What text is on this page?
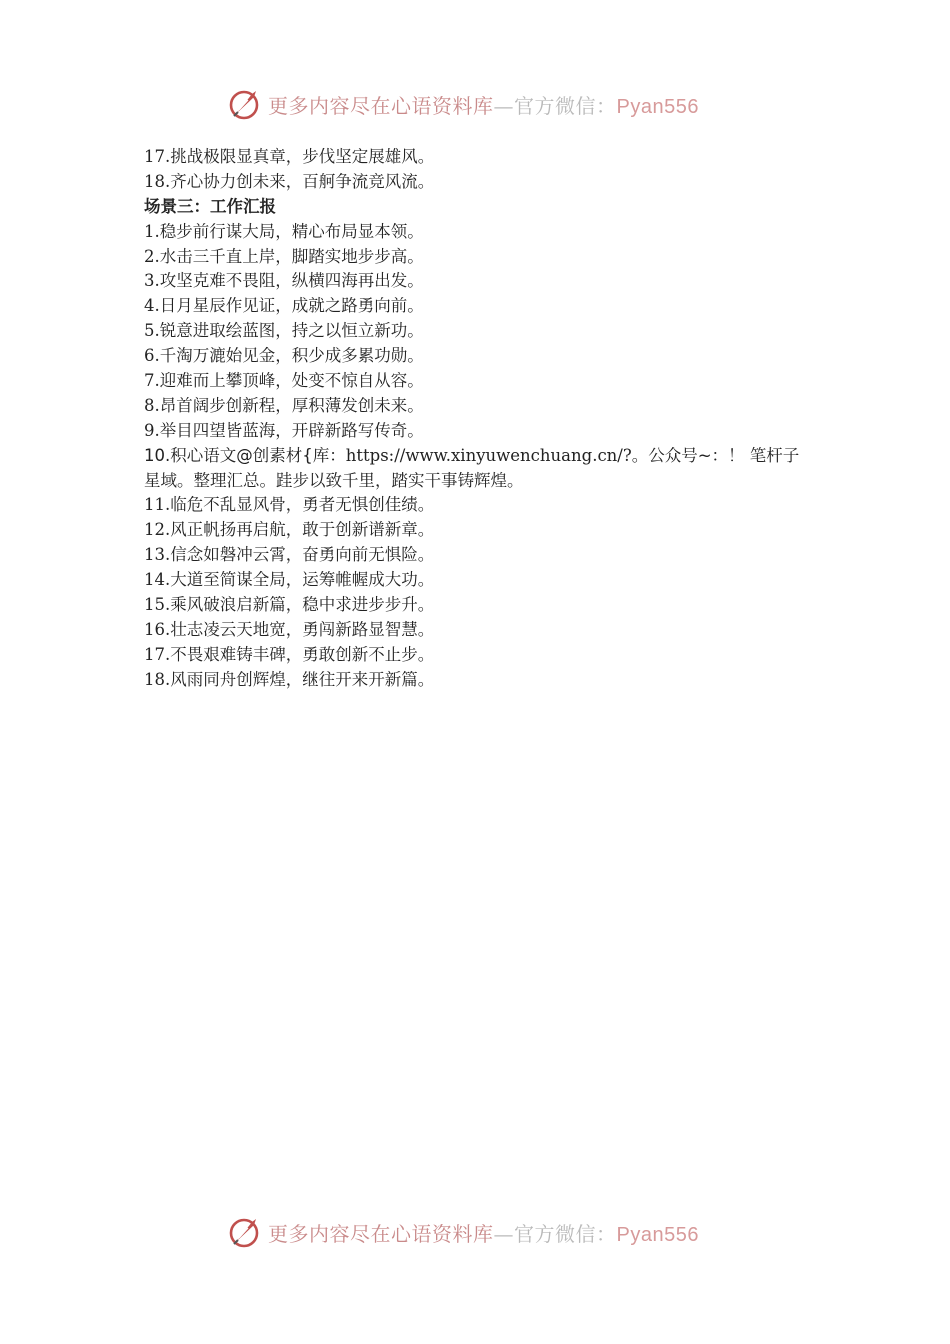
更多内容尽在心语资料库—官方微信：Pyan556
17.挑战极限显真章，步伐坚定展雄风。
18.齐心协力创未来，百舸争流竞风流。
场景三：工作汇报
1.稳步前行谋大局，精心布局显本领。
2.水击三千直上岸，脚踏实地步步高。
3.攻坚克难不畏阻，纵横四海再出发。
4.日月星辰作见证，成就之路勇向前。
5.锐意进取绘蓝图，持之以恒立新功。
6.千淘万漉始见金，积少成多累功勋。
7.迎难而上攀顶峰，处变不惊自从容。
8.昂首阔步创新程，厚积薄发创未来。
9.举目四望皆蓝海，开辟新路写传奇。
10.积心语文@创素材{库：https://www.xinyuwenchuang.cn/?。公众号~：！ 笔杆子
星域。整理汇总。跬步以致千里，踏实干事铸辉煌。
11.临危不乱显风骨，勇者无惧创佳绩。
12.风正帆扬再启航，敢于创新谱新章。
13.信念如磐冲云霄，奋勇向前无惧险。
14.大道至简谋全局，运筹帷幄成大功。
15.乘风破浪启新篇，稳中求进步步升。
16.壮志凌云天地宽，勇闯新路显智慧。
17.不畏艰难铸丰碑，勇敢创新不止步。
18.风雨同舟创辉煌，继往开来开新篇。
更多内容尽在心语资料库—官方微信：Pyan556
